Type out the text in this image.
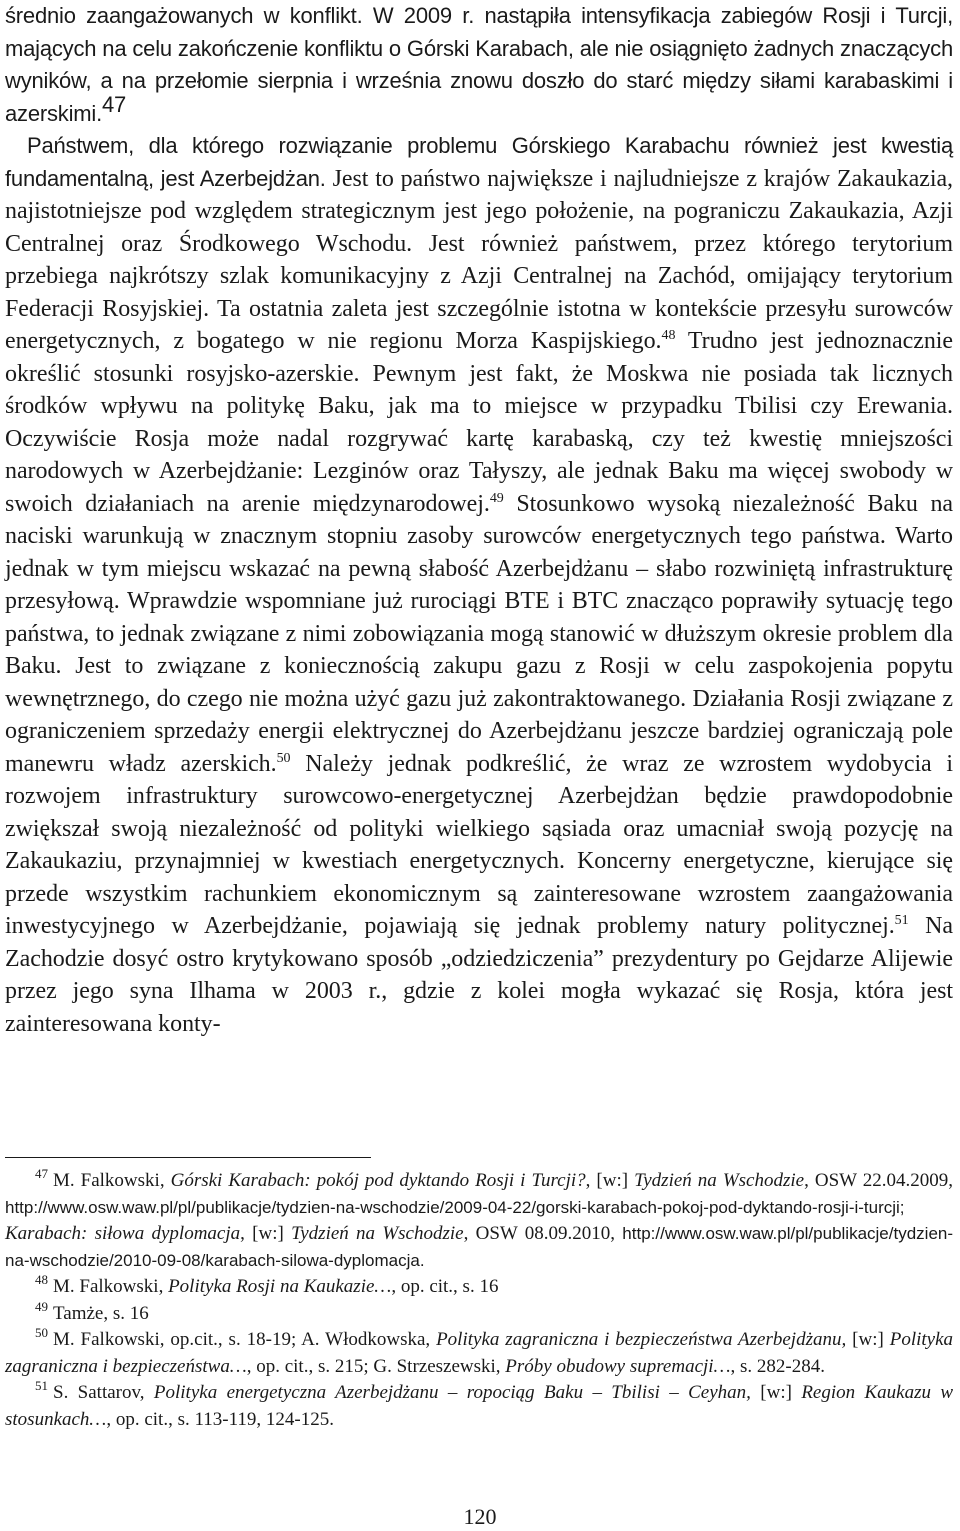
średnio zaangażowanych w konflikt. W 2009 r. nastąpiła intensyfikacja zabiegów Rosji i Turcji, mających na celu zakończenie konfliktu o Górski Karabach, ale nie osiągnięto żadnych znaczących wyników, a na przełomie sierpnia i września znowu doszło do starć między siłami karabaskimi i azerskimi.$^{47}$

Państwem, dla którego rozwiązanie problemu Górskiego Karabachu również jest kwestią fundamentalną, jest Azerbejdżan. Jest to państwo największe i najludniejsze z krajów Zakaukazia, najistotniejsze pod względem strategicznym jest jego położenie, na pograniczu Zakaukazia, Azji Centralnej oraz Środkowego Wschodu. Jest również państwem, przez którego terytorium przebiega najkrótszy szlak komunikacyjny z Azji Centralnej na Zachód, omijający terytorium Federacji Rosyjskiej. Ta ostatnia zaleta jest szczególnie istotna w kontekście przesyłu surowców energetycznych, z bogatego w nie regionu Morza Kaspijskiego.$^{48}$ Trudno jest jednoznacznie określić stosunki rosyjsko-azerskie. Pewnym jest fakt, że Moskwa nie posiada tak licznych środków wpływu na politykę Baku, jak ma to miejsce w przypadku Tbilisi czy Erewania. Oczywiście Rosja może nadal rozgrywać kartę karabaską, czy też kwestię mniejszości narodowych w Azerbejdżanie: Lezginów oraz Tałyszy, ale jednak Baku ma więcej swobody w swoich działaniach na arenie międzynarodowej.$^{49}$ Stosunkowo wysoką niezależność Baku na naciski warunkują w znacznym stopniu zasoby surowców energetycznych tego państwa. Warto jednak w tym miejscu wskazać na pewną słabość Azerbejdżanu – słabo rozwiniętą infrastrukturę przesyłową. Wprawdzie wspomniane już rurociągi BTE i BTC znacząco poprawiły sytuację tego państwa, to jednak związane z nimi zobowiązania mogą stanowić w dłuższym okresie problem dla Baku. Jest to związane z koniecznością zakupu gazu z Rosji w celu zaspokojenia popytu wewnętrznego, do czego nie można użyć gazu już zakontraktowanego. Działania Rosji związane z ograniczeniem sprzedaży energii elektrycznej do Azerbejdżanu jeszcze bardziej ograniczają pole manewru władz azerskich.$^{50}$ Należy jednak podkreślić, że wraz ze wzrostem wydobycia i rozwojem infrastruktury surowcowo-energetycznej Azerbejdżan będzie prawdopodobnie zwiększał swoją niezależność od polityki wielkiego sąsiada oraz umacniał swoją pozycję na Zakaukaziu, przynajmniej w kwestiach energetycznych. Koncerny energetyczne, kierujące się przede wszystkim rachunkiem ekonomicznym są zainteresowane wzrostem zaangażowania inwestycyjnego w Azerbejdżanie, pojawiają się jednak problemy natury politycznej.$^{51}$ Na Zachodzie dosyć ostro krytykowano sposób „odziedziczenia” prezydentury po Gejdarze Alijewie przez jego syna Ilhama w 2003 r., gdzie z kolei mogła wykazać się Rosja, która jest zainteresowana konty-

$^{47}$ M. Falkowski, Górski Karabach: pokój pod dyktando Rosji i Turcji?, [w:] Tydzień na Wschodzie, OSW 22.04.2009, http://www.osw.waw.pl/pl/publikacje/tydzien-na-wschodzie/2009-04-22/gorski-karabach-pokoj-pod-dyktando-rosji-i-turcji; Karabach: siłowa dyplomacja, [w:] Tydzień na Wschodzie, OSW 08.09.2010, http://www.osw.waw.pl/pl/publikacje/tydzien-na-wschodzie/2010-09-08/karabach-silowa-dyplomacja.

$^{48}$ M. Falkowski, Polityka Rosji na Kaukazie…, op. cit., s. 16

$^{49}$ Tamże, s. 16

$^{50}$ M. Falkowski, op.cit., s. 18-19; A. Włodkowska, Polityka zagraniczna i bezpieczeństwa Azerbejdżanu, [w:] Polityka zagraniczna i bezpieczeństwa…, op. cit., s. 215; G. Strzeszewski, Próby obudowy supremacji…, s. 282-284.

$^{51}$ S. Sattarov, Polityka energetyczna Azerbejdżanu – ropociąg Baku – Tbilisi – Ceyhan, [w:] Region Kaukazu w stosunkach…, op. cit., s. 113-119, 124-125.

120
